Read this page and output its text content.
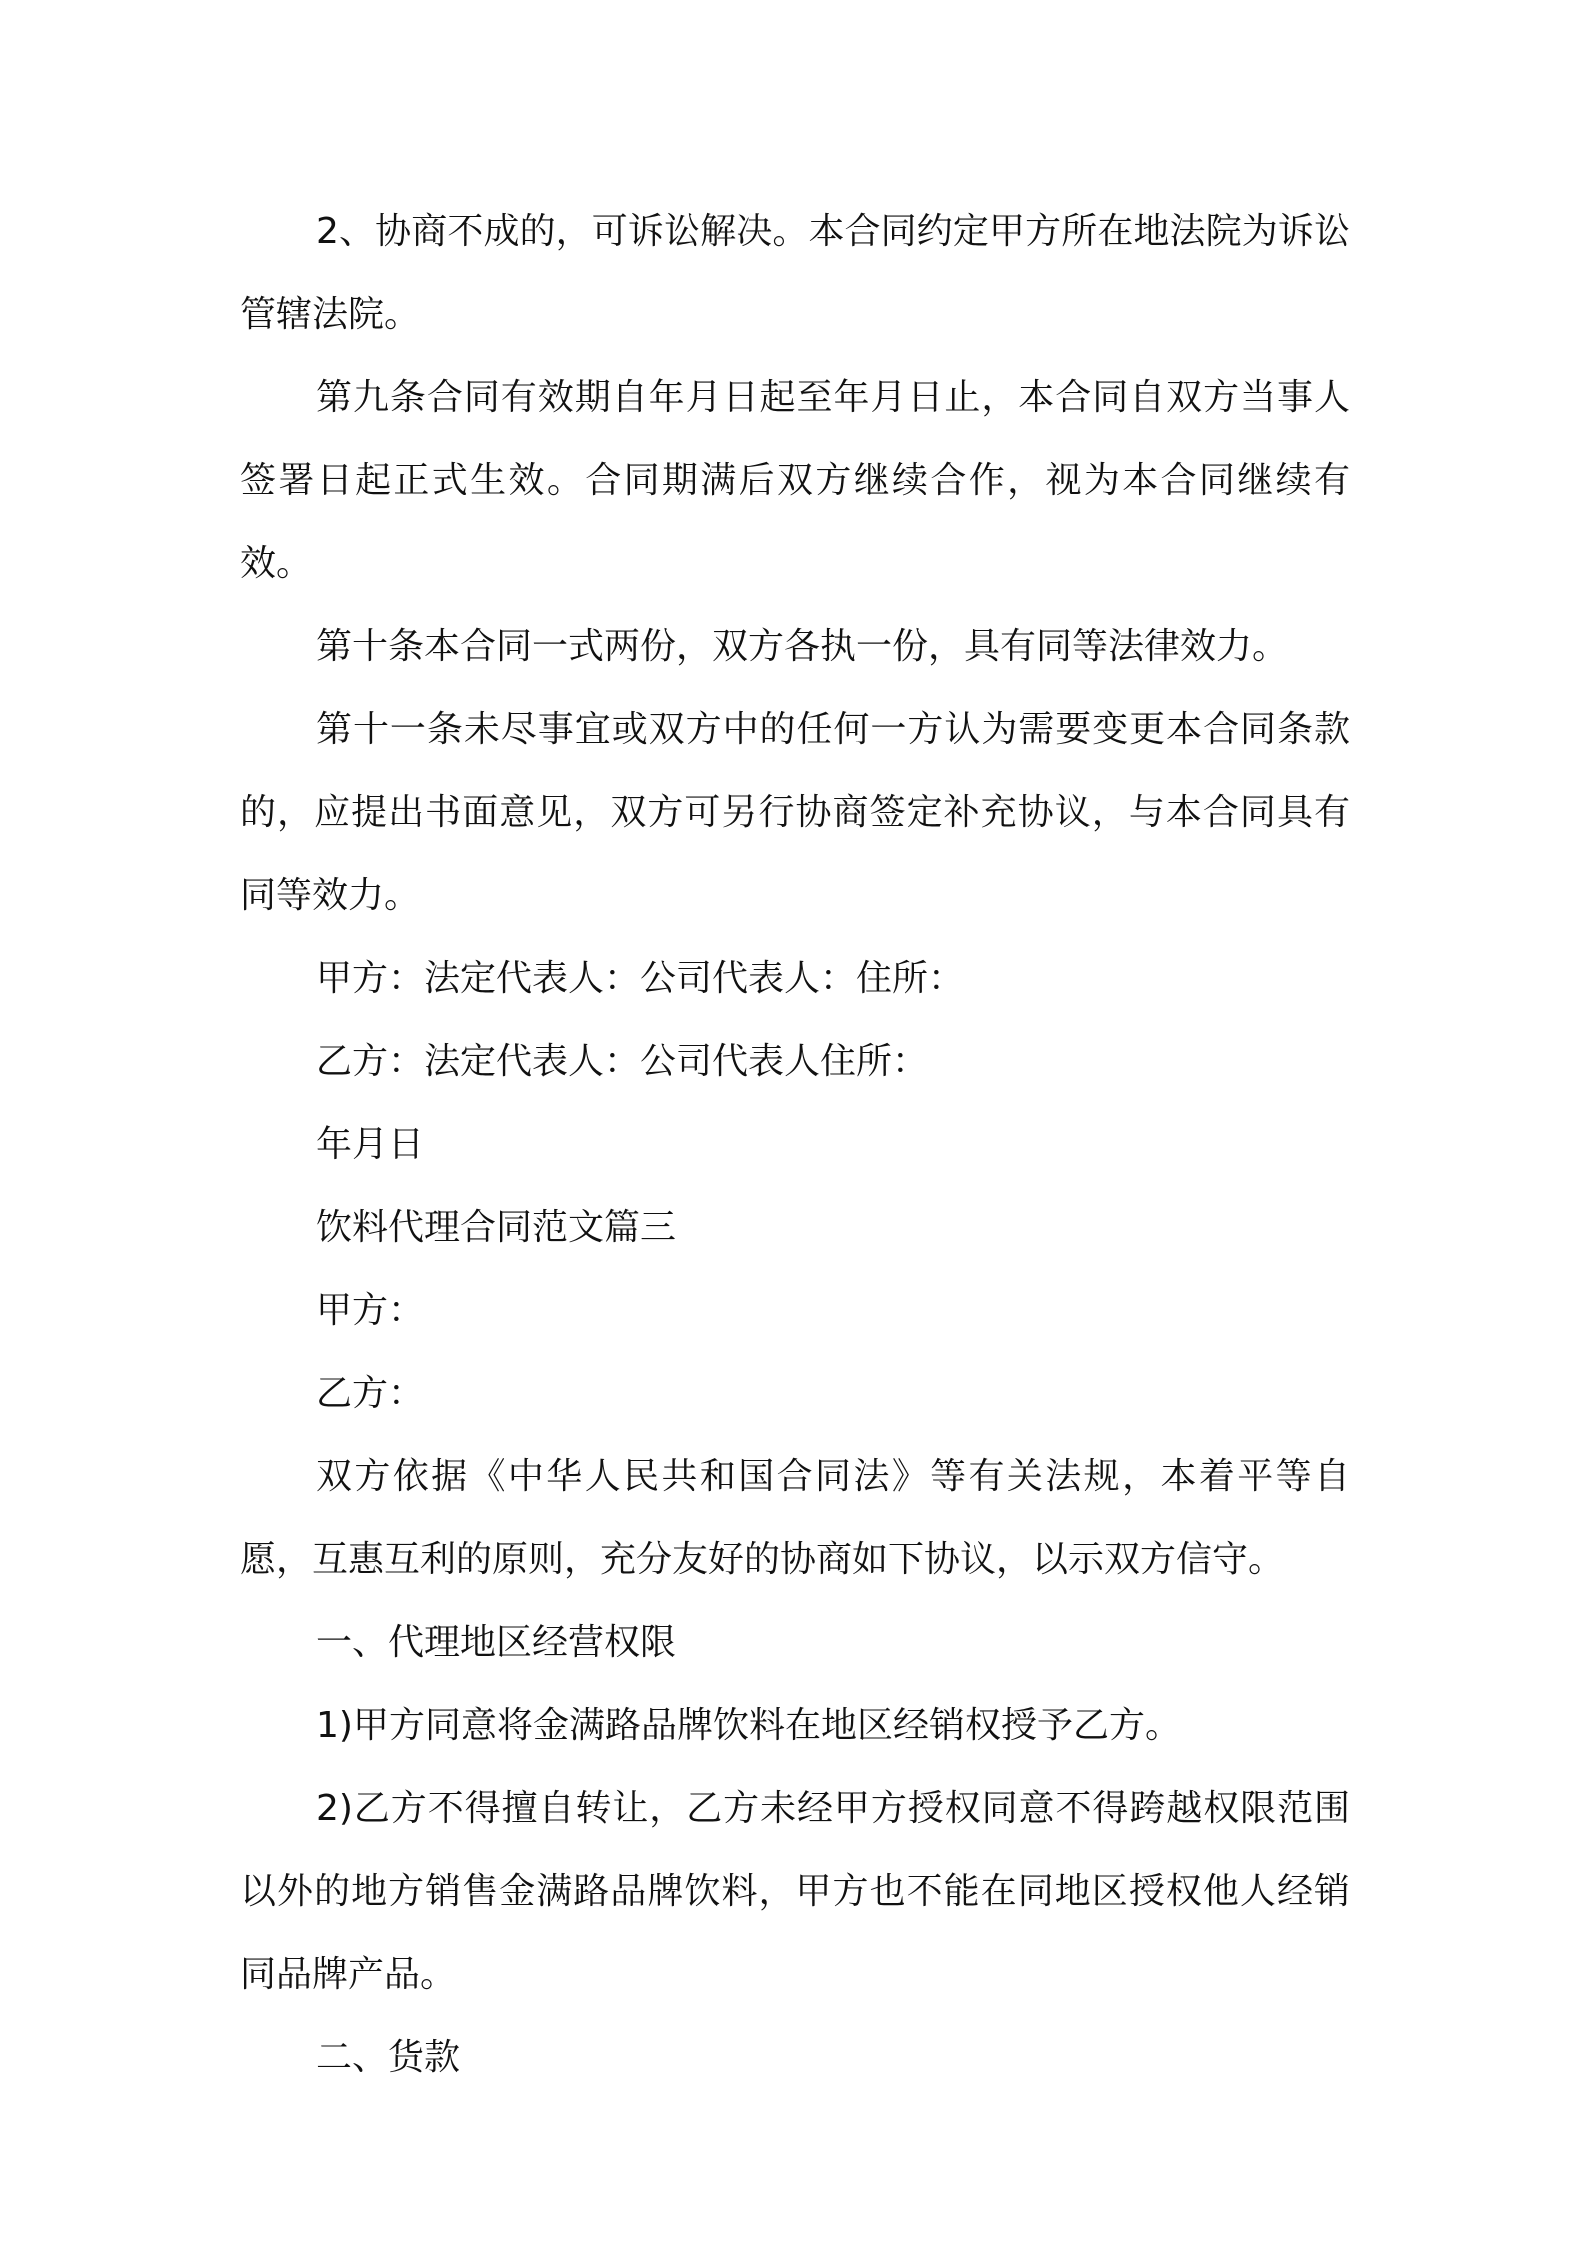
2、协商不成的，可诉讼解决。本合同约定甲方所在地法院为诉讼管辖法院。

第九条合同有效期自年月日起至年月日止，本合同自双方当事人签署日起正式生效。合同期满后双方继续合作，视为本合同继续有效。

第十条本合同一式两份，双方各执一份，具有同等法律效力。

第十一条未尽事宜或双方中的任何一方认为需要变更本合同条款的，应提出书面意见，双方可另行协商签定补充协议，与本合同具有同等效力。

甲方：法定代表人：公司代表人：住所：

乙方：法定代表人：公司代表人住所：

年月日

饮料代理合同范文篇三

甲方：

乙方：

双方依据《中华人民共和国合同法》等有关法规，本着平等自愿，互惠互利的原则，充分友好的协商如下协议，以示双方信守。

一、代理地区经营权限

1)甲方同意将金满路品牌饮料在地区经销权授予乙方。

2)乙方不得擅自转让，乙方未经甲方授权同意不得跨越权限范围以外的地方销售金满路品牌饮料，甲方也不能在同地区授权他人经销同品牌产品。

二、货款
